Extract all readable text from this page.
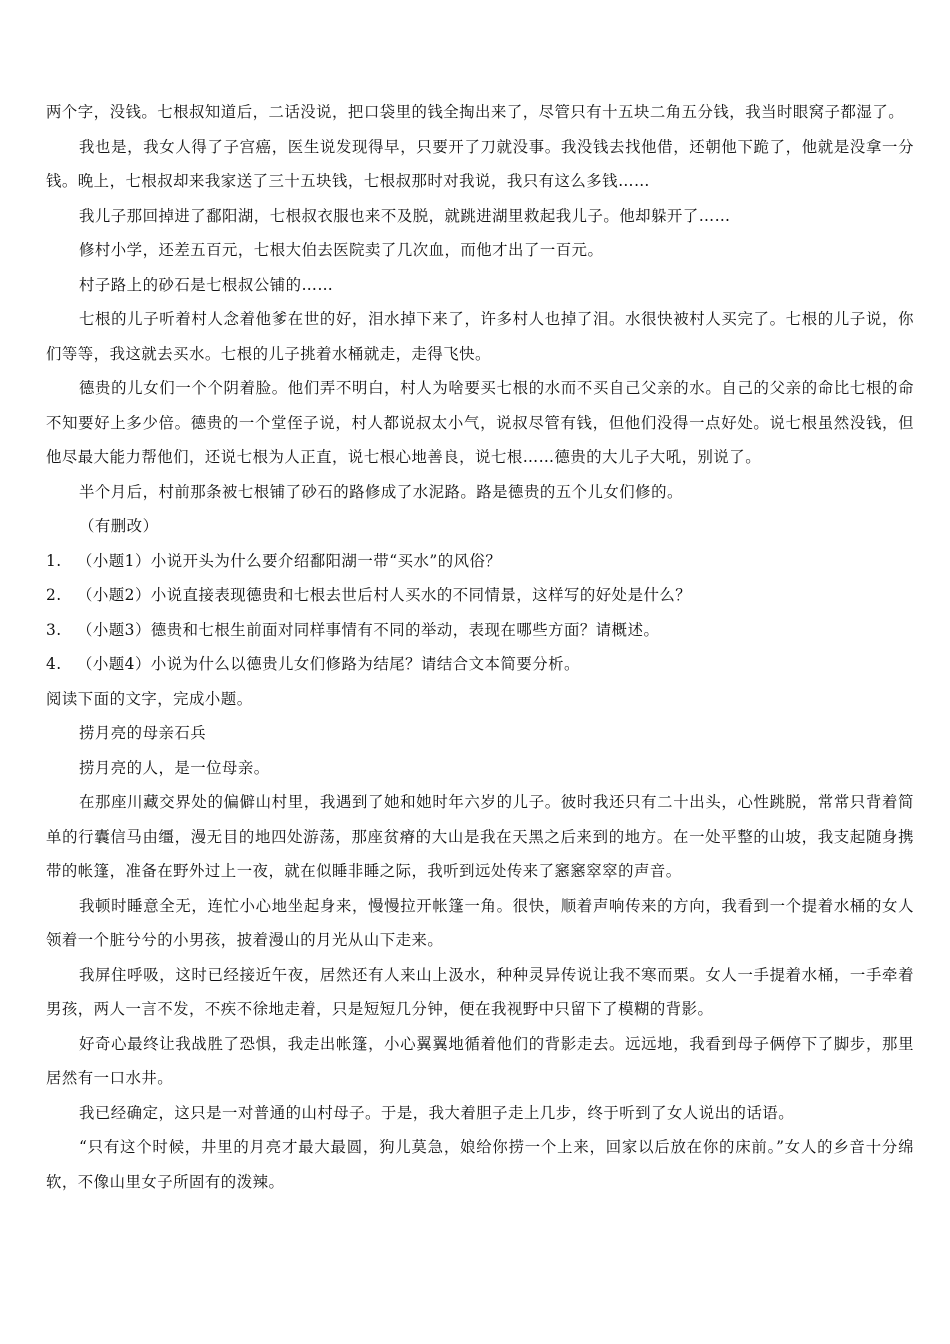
两个字，没钱。七根叔知道后，二话没说，把口袋里的钱全掏出来了，尽管只有十五块二角五分钱，我当时眼窝子都湿了。

我也是，我女人得了子宫癌，医生说发现得早，只要开了刀就没事。我没钱去找他借，还朝他下跪了，他就是没拿一分钱。晚上，七根叔却来我家送了三十五块钱，七根叔那时对我说，我只有这么多钱……

我儿子那回掉进了鄱阳湖，七根叔衣服也来不及脱，就跳进湖里救起我儿子。他却躲开了……

修村小学，还差五百元，七根大伯去医院卖了几次血，而他才出了一百元。

村子路上的砂石是七根叔公铺的……

七根的儿子听着村人念着他爹在世的好，泪水掉下来了，许多村人也掉了泪。水很快被村人买完了。七根的儿子说，你们等等，我这就去买水。七根的儿子挑着水桶就走，走得飞快。

德贵的儿女们一个个阴着脸。他们弄不明白，村人为啥要买七根的水而不买自己父亲的水。自己的父亲的命比七根的命不知要好上多少倍。德贵的一个堂侄子说，村人都说叔太小气，说叔尽管有钱，但他们没得一点好处。说七根虽然没钱，但他尽最大能力帮他们，还说七根为人正直，说七根心地善良，说七根……德贵的大儿子大吼，别说了。

半个月后，村前那条被七根铺了砂石的路修成了水泥路。路是德贵的五个儿女们修的。

（有删改）

1. （小题1）小说开头为什么要介绍鄱阳湖一带“买水”的风俗？

2. （小题2）小说直接表现德贵和七根去世后村人买水的不同情景，这样写的好处是什么？

3. （小题3）德贵和七根生前面对同样事情有不同的举动，表现在哪些方面？请概述。

4. （小题4）小说为什么以德贵儿女们修路为结尾？请结合文本简要分析。

阅读下面的文字，完成小题。

捞月亮的母亲石兵

捞月亮的人，是一位母亲。

在那座川藏交界处的偏僻山村里，我遇到了她和她时年六岁的儿子。彼时我还只有二十出头，心性跳脱，常常只背着简单的行囊信马由缰，漫无目的地四处游荡，那座贫瘠的大山是我在天黑之后来到的地方。在一处平整的山坡，我支起随身携带的帐篷，准备在野外过上一夜，就在似睡非睡之际，我听到远处传来了窸窸窣窣的声音。

我顿时睡意全无，连忙小心地坐起身来，慢慢拉开帐篷一角。很快，顺着声响传来的方向，我看到一个提着水桶的女人领着一个脏兮兮的小男孩，披着漫山的月光从山下走来。

我屏住呼吸，这时已经接近午夜，居然还有人来山上汲水，种种灵异传说让我不寒而栗。女人一手提着水桶，一手牵着男孩，两人一言不发，不疾不徐地走着，只是短短几分钟，便在我视野中只留下了模糊的背影。

好奇心最终让我战胜了恐惧，我走出帐篷，小心翼翼地循着他们的背影走去。远远地，我看到母子俩停下了脚步，那里居然有一口水井。

我已经确定，这只是一对普通的山村母子。于是，我大着胆子走上几步，终于听到了女人说出的话语。

“只有这个时候，井里的月亮才最大最圆，狗儿莫急，娘给你捞一个上来，回家以后放在你的床前。”女人的乡音十分绵软，不像山里女子所固有的泼辣。
